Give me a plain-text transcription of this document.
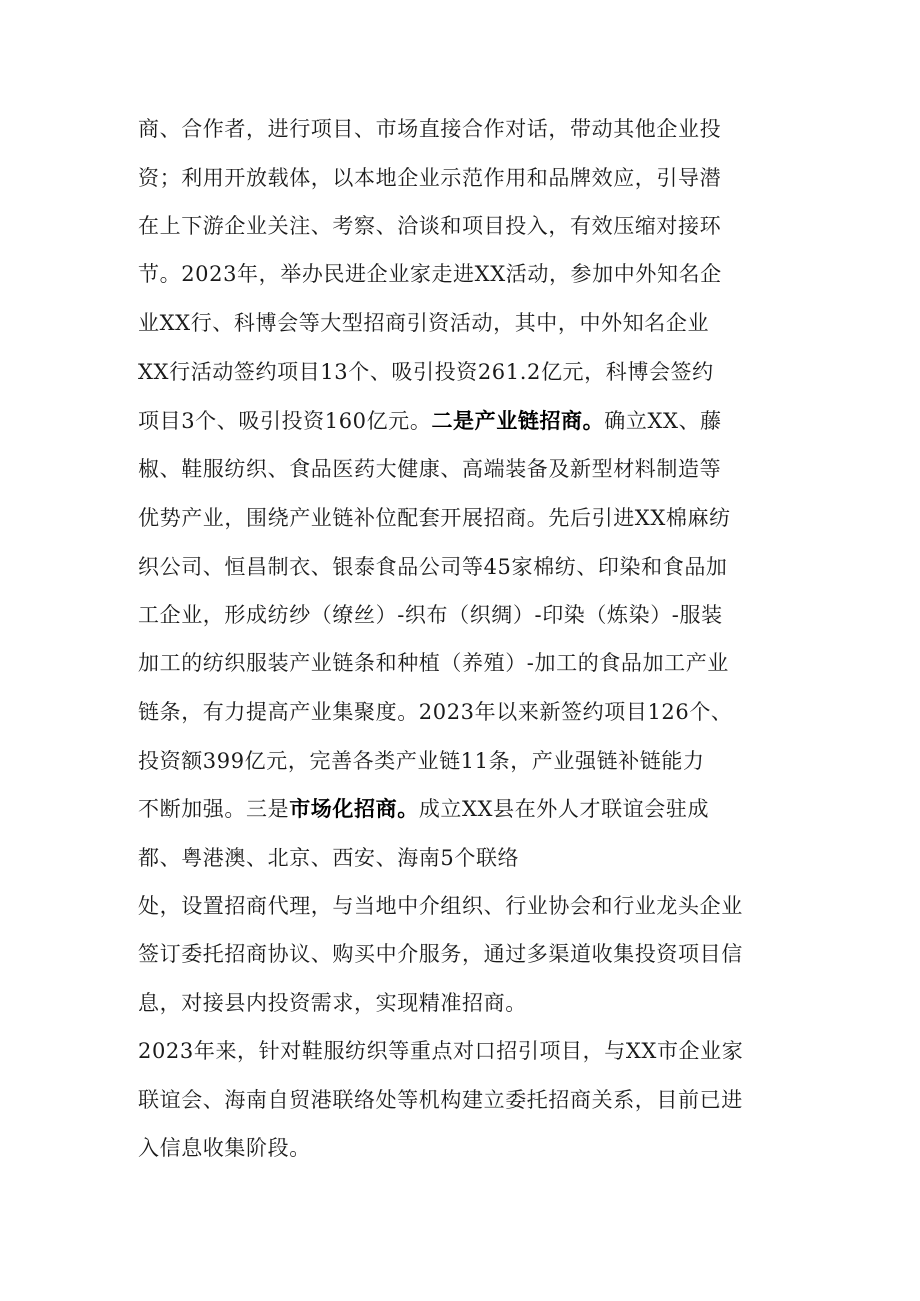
商、合作者，进行项目、市场直接合作对话，带动其他企业投
资；利用开放载体，以本地企业示范作用和品牌效应，引导潜
在上下游企业关注、考察、洽谈和项目投入，有效压缩对接环
节。2023年，举办民进企业家走进XX活动，参加中外知名企
业XX行、科博会等大型招商引资活动，其中，中外知名企业
XX行活动签约项目13个、吸引投资261.2亿元，科博会签约
项目3个、吸引投资160亿元。二是产业链招商。确立XX、藤
椒、鞋服纺织、食品医药大健康、高端装备及新型材料制造等
优势产业，围绕产业链补位配套开展招商。先后引进XX棉麻纺
织公司、恒昌制衣、银泰食品公司等45家棉纺、印染和食品加
工企业，形成纺纱（缭丝）-织布（织绸）-印染（炼染）-服装
加工的纺织服装产业链条和种植（养殖）-加工的食品加工产业
链条，有力提高产业集聚度。2023年以来新签约项目126个、
投资额399亿元，完善各类产业链11条，产业强链补链能力
不断加强。三是市场化招商。成立XX县在外人才联谊会驻成
都、粤港澳、北京、西安、海南5个联络
处，设置招商代理，与当地中介组织、行业协会和行业龙头企业
签订委托招商协议、购买中介服务，通过多渠道收集投资项目信
息，对接县内投资需求，实现精准招商。
2023年来，针对鞋服纺织等重点对口招引项目，与XX市企业家
联谊会、海南自贸港联络处等机构建立委托招商关系，目前已进
入信息收集阶段。
